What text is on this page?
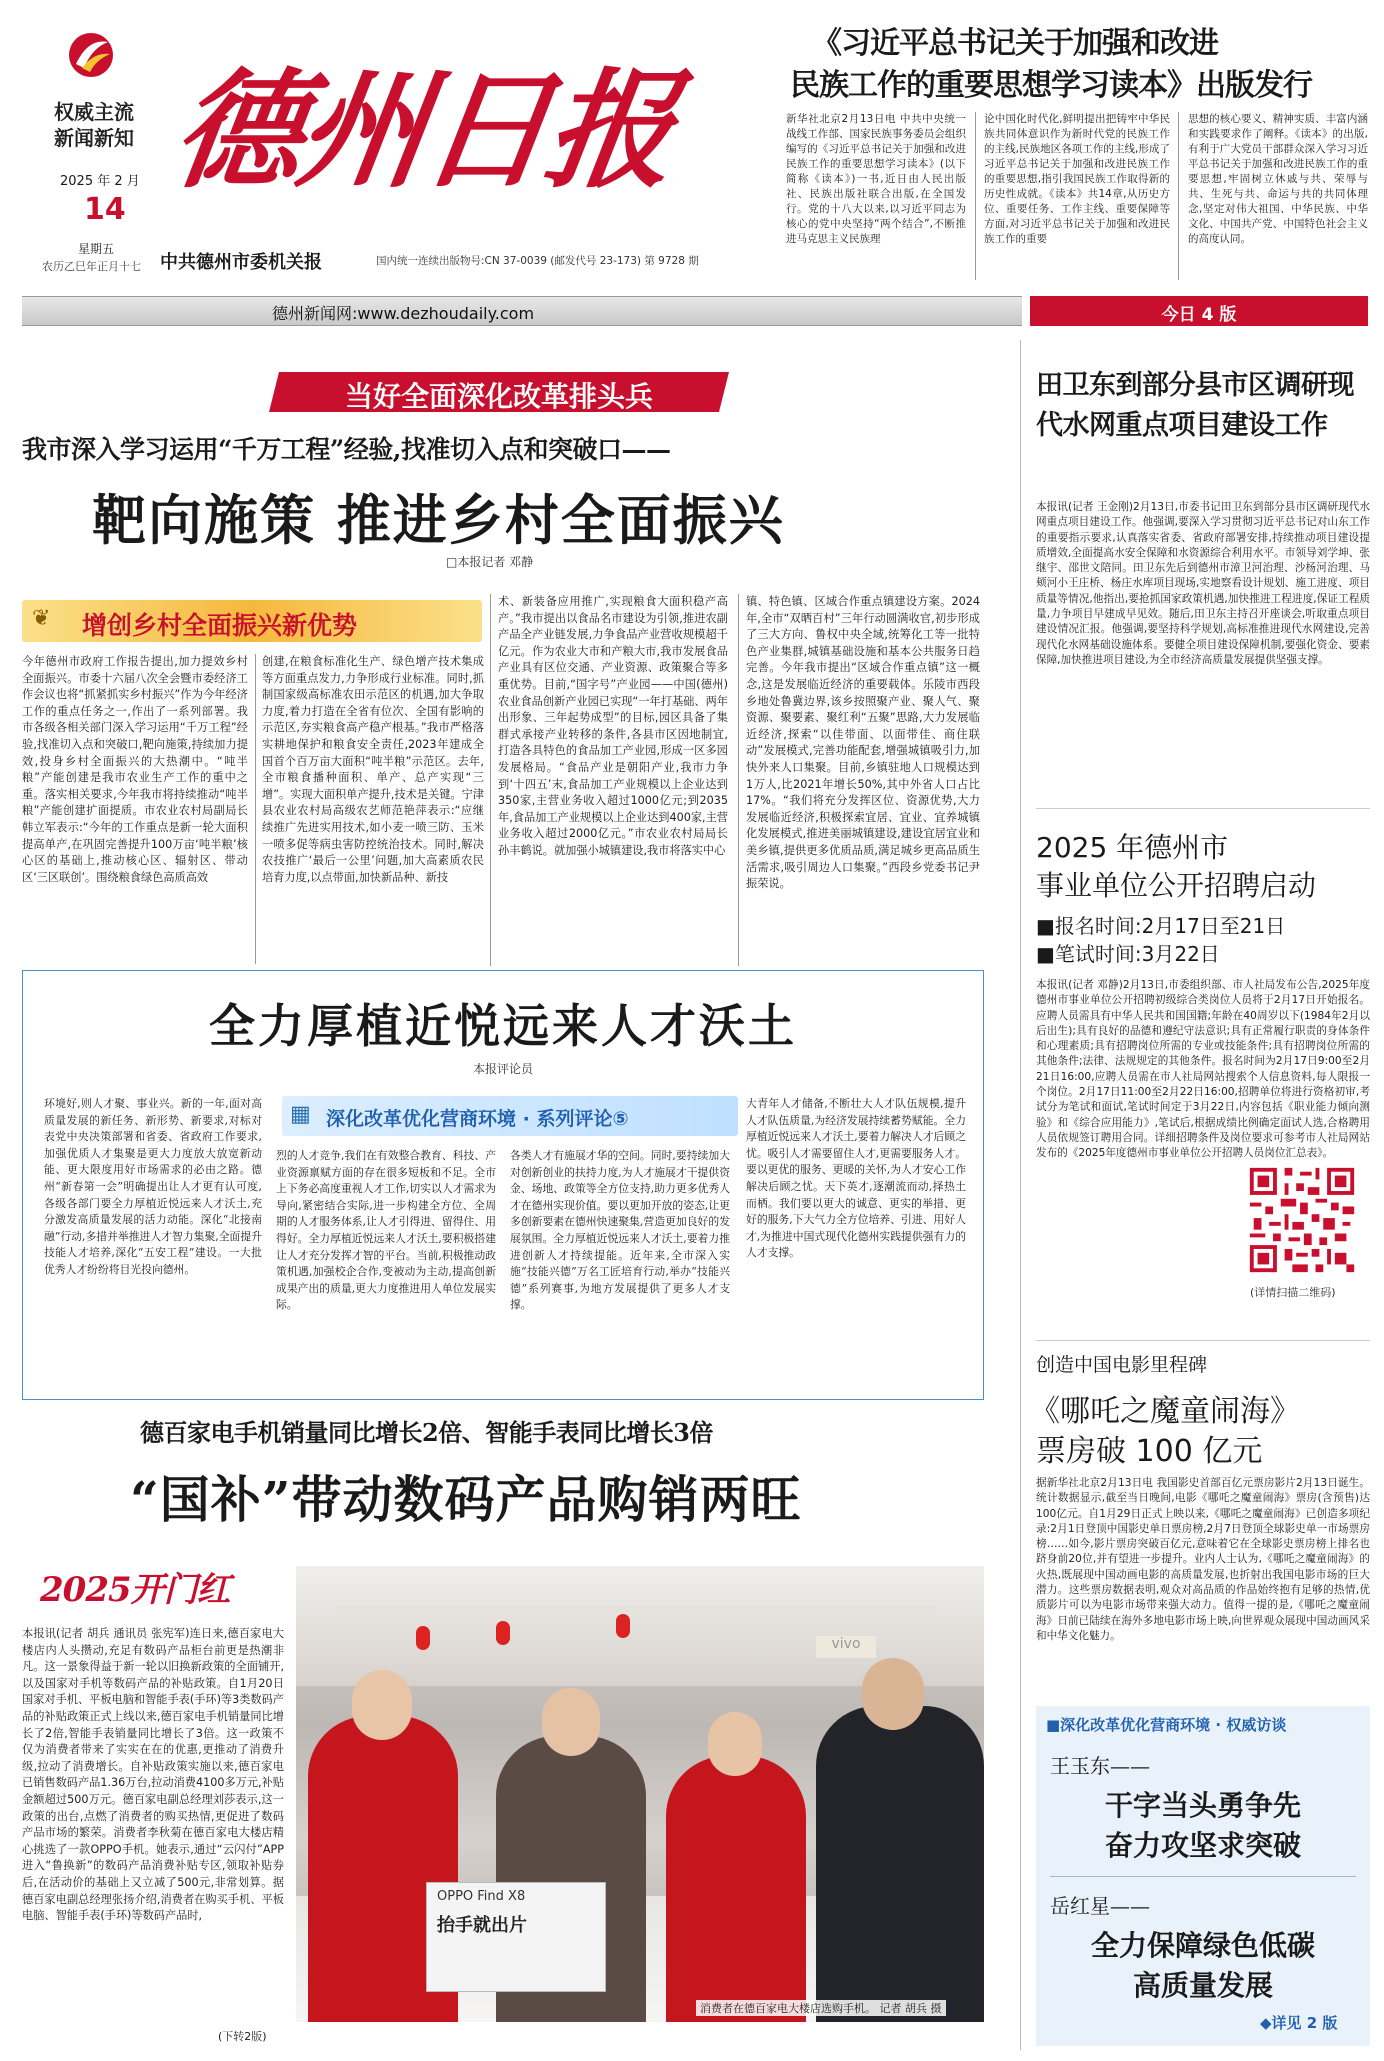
权威主流
新闻新知
2025 年 2 月
14
星期五
农历乙巳年正月十七
德州日报
中共德州市委机关报	国内统一连续出版物号:CN 37-0039 (邮发代号 23-173) 第 9728 期
《习近平总书记关于加强和改进
民族工作的重要思想学习读本》出版发行
新华社北京2月13日电 中共中央统一战线工作部、国家民族事务委员会组织编写的《习近平总书记关于加强和改进民族工作的重要思想学习读本》(以下简称《读本》)一书,近日由人民出版社、民族出版社联合出版,在全国发行。党的十八大以来,以习近平同志为核心的党中央坚持“两个结合”,不断推进马克思主义民族理
论中国化时代化,鲜明提出把铸牢中华民族共同体意识作为新时代党的民族工作的主线,民族地区各项工作的主线,形成了习近平总书记关于加强和改进民族工作的重要思想,指引我国民族工作取得新的历史性成就。《读本》共14章,从历史方位、重要任务、工作主线、重要保障等方面,对习近平总书记关于加强和改进民族工作的重要
思想的核心要义、精神实质、丰富内涵和实践要求作了阐释。《读本》的出版,有利于广大党员干部群众深入学习习近平总书记关于加强和改进民族工作的重要思想,牢固树立休戚与共、荣辱与共、生死与共、命运与共的共同体理念,坚定对伟大祖国、中华民族、中华文化、中国共产党、中国特色社会主义的高度认同。
德州新闻网:www.dezhoudaily.com	今日 4 版
当好全面深化改革排头兵
我市深入学习运用“千万工程”经验,找准切入点和突破口——
靶向施策 推进乡村全面振兴
□本报记者 邓静
❦ 增创乡村全面振兴新优势
今年德州市政府工作报告提出,加力提效乡村全面振兴。市委十六届八次全会暨市委经济工作会议也将“抓紧抓实乡村振兴”作为今年经济工作的重点任务之一,作出了一系列部署。我市各级各相关部门深入学习运用“千万工程”经验,找准切入点和突破口,靶向施策,持续加力提效,投身乡村全面振兴的大热潮中。“吨半粮”产能创建是我市农业生产工作的重中之重。落实相关要求,今年我市将持续推动“吨半粮”产能创建扩面提质。市农业农村局副局长韩立军表示:“今年的工作重点是新一轮大面积提高单产,在巩固完善提升100万亩‘吨半粮’核心区的基础上,推动核心区、辐射区、带动区‘三区联创’。围绕粮食绿色高质高效
创建,在粮食标准化生产、绿色增产技术集成等方面重点发力,力争形成行业标准。同时,抓制国家级高标准农田示范区的机遇,加大争取力度,着力打造在全省有位次、全国有影响的示范区,夯实粮食高产稳产根基。”我市严格落实耕地保护和粮食安全责任,2023年建成全国首个百万亩大面积“吨半粮”示范区。去年,全市粮食播种面积、单产、总产实现“三增”。实现大面积单产提升,技术是关键。宁津县农业农村局高级农艺师范艳萍表示:“应继续推广先进实用技术,如小麦一喷三防、玉米一喷多促等病虫害防控统治技术。同时,解决农技推广‘最后一公里’问题,加大高素质农民培育力度,以点带面,加快新品种、新技
术、新装备应用推广,实现粮食大面积稳产高产。”我市提出以食品名市建设为引领,推进农副产品全产业链发展,力争食品产业营收规模超千亿元。作为农业大市和产粮大市,我市发展食品产业具有区位交通、产业资源、政策聚合等多重优势。目前,“国字号”产业园——中国(德州)农业食品创新产业园已实现“一年打基础、两年出形象、三年起势成型”的目标,园区具备了集群式承接产业转移的条件,各县市区因地制宜,打造各具特色的食品加工产业园,形成一区多园发展格局。“食品产业是朝阳产业,我市力争到‘十四五’末,食品加工产业规模以上企业达到350家,主营业务收入超过1000亿元;到2035年,食品加工产业规模以上企业达到400家,主营业务收入超过2000亿元。”市农业农村局局长孙丰鹤说。就加强小城镇建设,我市将落实中心
镇、特色镇、区域合作重点镇建设方案。2024年,全市“双晒百村”三年行动圆满收官,初步形成了三大方向、鲁权中央全域,统筹化工等一批特色产业集群,城镇基础设施和基本公共服务日趋完善。今年我市提出“区域合作重点镇”这一概念,这是发展临近经济的重要载体。乐陵市西段乡地处鲁冀边界,该乡按照聚产业、聚人气、聚资源、聚要素、聚红利“五聚”思路,大力发展临近经济,探索“以佳带面、以面带佳、商住联动”发展模式,完善功能配套,增强城镇吸引力,加快外来人口集聚。目前,乡镇驻地人口规模达到1万人,比2021年增长50%,其中外省人口占比17%。“我们将充分发挥区位、资源优势,大力发展临近经济,积极探索宜居、宜业、宜养城镇化发展模式,推进美丽城镇建设,建设宜居宜业和美乡镇,提供更多优质品质,满足城乡更高品质生活需求,吸引周边人口集聚。”西段乡党委书记尹振荣说。
全力厚植近悦远来人才沃土
本报评论员
▦ 深化改革优化营商环境 · 系列评论⑤
环境好,则人才聚、事业兴。新的一年,面对高质量发展的新任务、新形势、新要求,对标对表党中央决策部署和省委、省政府工作要求,加强优质人才集聚是更大力度放大放宽新动能、更大限度用好市场需求的必由之路。德州“新春第一会”明确提出让人才更有认可度,各级各部门要全力厚植近悦远来人才沃土,充分激发高质量发展的活力动能。深化“北接南融”行动,多措并举推进人才智力集聚,全面提升技能人才培养,深化“五安工程”建设。一大批优秀人才纷纷将目光投向德州。
烈的人才竞争,我们在有效整合教育、科技、产业资源禀赋方面的存在很多短板和不足。全市上下务必高度重视人才工作,切实以人才需求为导向,紧密结合实际,进一步构建全方位、全周期的人才服务体系,让人才引得进、留得住、用得好。全力厚植近悦远来人才沃土,要积极搭建让人才充分发挥才智的平台。当前,积极推动政策机遇,加强校企合作,变被动为主动,提高创新成果产出的质量,更大力度推进用人单位发展实际。
各类人才有施展才华的空间。同时,要持续加大对创新创业的扶持力度,为人才施展才干提供资金、场地、政策等全方位支持,助力更多优秀人才在德州实现价值。要以更加开放的姿态,让更多创新要素在德州快速聚集,营造更加良好的发展氛围。全力厚植近悦远来人才沃土,要着力推进创新人才持续提能。近年来,全市深入实施“技能兴德”万名工匠培育行动,举办“技能兴德”系列赛事,为地方发展提供了更多人才支撑。
大青年人才储备,不断壮大人才队伍规模,提升人才队伍质量,为经济发展持续蓄势赋能。全力厚植近悦远来人才沃土,要着力解决人才后顾之忧。吸引人才需要留住人才,更需要服务人才。要以更优的服务、更暖的关怀,为人才安心工作解决后顾之忧。天下英才,逐潮流而动,择热土而栖。我们要以更大的诚意、更实的举措、更好的服务,下大气力全方位培养、引进、用好人才,为推进中国式现代化德州实践提供强有力的人才支撑。
德百家电手机销量同比增长2倍、智能手表同比增长3倍
“国补”带动数码产品购销两旺
2025开门红
本报讯(记者 胡兵 通讯员 张宪军)连日来,德百家电大楼店内人头攒动,充足有数码产品柜台前更是热潮非凡。这一景象得益于新一轮以旧换新政策的全面铺开,以及国家对手机等数码产品的补贴政策。自1月20日国家对手机、平板电脑和智能手表(手环)等3类数码产品的补贴政策正式上线以来,德百家电手机销量同比增长了2倍,智能手表销量同比增长了3倍。这一政策不仅为消费者带来了实实在在的优惠,更推动了消费升级,拉动了消费增长。自补贴政策实施以来,德百家电已销售数码产品1.36万台,拉动消费4100多万元,补贴金额超过500万元。德百家电副总经理刘莎表示,这一政策的出台,点燃了消费者的购买热情,更促进了数码产品市场的繁荣。消费者李秋菊在德百家电大楼店精心挑选了一款OPPO手机。她表示,通过“云闪付”APP进入“鲁换新”的数码产品消费补贴专区,领取补贴券后,在活动价的基础上又立减了500元,非常划算。据德百家电副总经理张扬介绍,消费者在购买手机、平板电脑、智能手表(手环)等数码产品时,
(下转2版)
vivo
OPPO Find X8
抬手就出片
消费者在德百家电大楼店选购手机。 记者 胡兵 摄
田卫东到部分县市区调研现代水网重点项目建设工作
本报讯(记者 王金刚)2月13日,市委书记田卫东到部分县市区调研现代水网重点项目建设工作。他强调,要深入学习贯彻习近平总书记对山东工作的重要指示要求,认真落实省委、省政府部署安排,持续推动项目建设提质增效,全面提高水安全保障和水资源综合利用水平。市领导刘学坤、张继宇、邵世文陪同。田卫东先后到德州市漳卫河治理、沙杨河治理、马颊河小王庄桥、杨庄水库项目现场,实地察看设计规划、施工进度、项目质量等情况,他指出,要抢抓国家政策机遇,加快推进工程进度,保证工程质量,力争项目早建成早见效。随后,田卫东主持召开座谈会,听取重点项目建设情况汇报。他强调,要坚持科学规划,高标准推进现代水网建设,完善现代化水网基础设施体系。要健全项目建设保障机制,要强化资金、要素保障,加快推进项目建设,为全市经济高质量发展提供坚强支撑。
2025 年德州市
事业单位公开招聘启动
■报名时间:2月17日至21日
■笔试时间:3月22日
本报讯(记者 邓静)2月13日,市委组织部、市人社局发布公告,2025年度德州市事业单位公开招聘初级综合类岗位人员将于2月17日开始报名。应聘人员需具有中华人民共和国国籍;年龄在40周岁以下(1984年2月以后出生);具有良好的品德和遵纪守法意识;具有正常履行职责的身体条件和心理素质;具有招聘岗位所需的专业或技能条件;具有招聘岗位所需的其他条件;法律、法规规定的其他条件。报名时间为2月17日9:00至2月21日16:00,应聘人员需在市人社局网站搜索个人信息资料,每人限报一个岗位。2月17日11:00至2月22日16:00,招聘单位将进行资格初审,考试分为笔试和面试,笔试时间定于3月22日,内容包括《职业能力倾向测验》和《综合应用能力》,笔试后,根据成绩比例确定面试人选,合格聘用人员依规签订聘用合同。详细招聘条件及岗位要求可参考市人社局网站发布的《2025年度德州市事业单位公开招聘人员岗位汇总表》。
(详情扫描二维码)
创造中国电影里程碑
《哪吒之魔童闹海》
票房破 100 亿元
据新华社北京2月13日电 我国影史首部百亿元票房影片2月13日诞生。统计数据显示,截至当日晚间,电影《哪吒之魔童闹海》票房(含预售)达100亿元。自1月29日正式上映以来,《哪吒之魔童闹海》已创造多项纪录:2月1日登顶中国影史单日票房榜,2月7日登顶全球影史单一市场票房榜……如今,影片票房突破百亿元,意味着它在全球影史票房榜上排名也跻身前20位,并有望进一步提升。业内人士认为,《哪吒之魔童闹海》的火热,既展现中国动画电影的高质量发展,也折射出我国电影市场的巨大潜力。这些票房数据表明,观众对高品质的作品始终抱有足够的热情,优质影片可以为电影市场带来强大动力。值得一提的是,《哪吒之魔童闹海》日前已陆续在海外多地电影市场上映,向世界观众展现中国动画风采和中华文化魅力。
■深化改革优化营商环境 · 权威访谈
王玉东——
干字当头勇争先
奋力攻坚求突破
岳红星——
全力保障绿色低碳
高质量发展
◆详见 2 版
